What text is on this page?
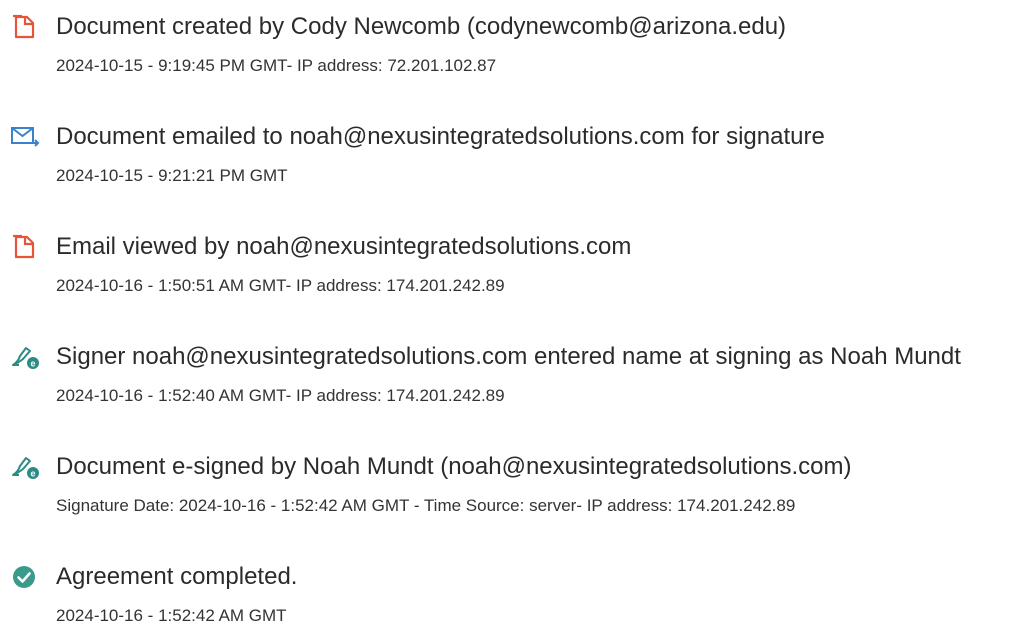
Document created by Cody Newcomb (codynewcomb@arizona.edu)
2024-10-15 - 9:19:45 PM GMT- IP address: 72.201.102.87
Document emailed to noah@nexusintegratedsolutions.com for signature
2024-10-15 - 9:21:21 PM GMT
Email viewed by noah@nexusintegratedsolutions.com
2024-10-16 - 1:50:51 AM GMT- IP address: 174.201.242.89
e Signer noah@nexusintegratedsolutions.com entered name at signing as Noah Mundt
2024-10-16 - 1:52:40 AM GMT- IP address: 174.201.242.89
e Document e-signed by Noah Mundt (noah@nexusintegratedsolutions.com)
Signature Date: 2024-10-16 - 1:52:42 AM GMT - Time Source: server- IP address: 174.201.242.89
Agreement completed.
2024-10-16 - 1:52:42 AM GMT
